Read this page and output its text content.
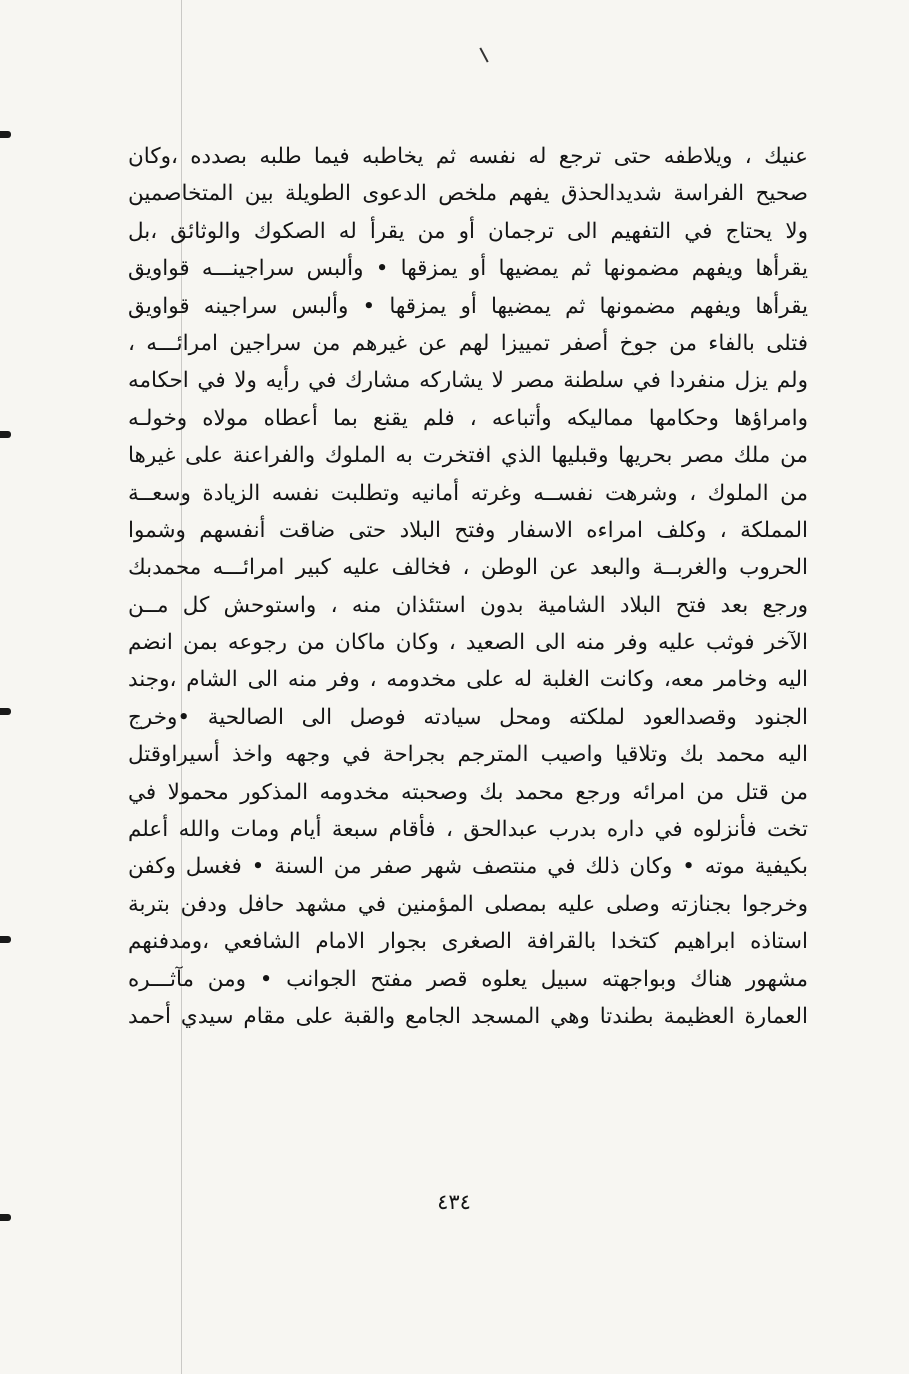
عنيك ، ويلاطفه حتى ترجع له نفسه ثم يخاطبه فيما طلبه بصدده ،وكان
صحيح الفراسة شديدالحذق يفهم ملخص الدعوى الطويلة بين المتخاصمين
ولا يحتاج في التفهيم الى ترجمان أو من يقرأ له الصكوك والوثائق ،بل
يقرأها ويفهم مضمونها ثم يمضيها أو يمزقها • وألبس سراجينـــه قواويق
يقرأها ويفهم مضمونها ثم يمضيها أو يمزقها • وألبس سراجينه قواويق
فتلى بالفاء من جوخ أصفر تمييزا لهم عن غيرهم من سراجين امرائـــه ،
ولم يزل منفردا في سلطنة مصر لا يشاركه مشارك في رأيه ولا في احكامه
وامراؤها وحكامها مماليكه وأتباعه ، فلم يقنع بما أعطاه مولاه وخولـه
من ملك مصر بحريها وقبليها الذي افتخرت به الملوك والفراعنة على غيرها
من الملوك ، وشرهت نفســه وغرته أمانيه وتطلبت نفسه الزيادة وسعــة
المملكة ، وكلف امراءه الاسفار وفتح البلاد حتى ضاقت أنفسهم وشموا
الحروب والغربــة والبعد عن الوطن ، فخالف عليه كبير امرائـــه محمدبك
ورجع بعد فتح البلاد الشامية بدون استئذان منه ، واستوحش كل مــن
الآخر فوثب عليه وفر منه الى الصعيد ، وكان ماكان من رجوعه بمن انضم
اليه وخامر معه، وكانت الغلبة له على مخدومه ، وفر منه الى الشام ،وجند
الجنود وقصدالعود لملكته ومحل سيادته فوصل الى الصالحية •وخرج
اليه محمد بك وتلاقيا واصيب المترجم بجراحة في وجهه واخذ أسيراوقتل
من قتل من امرائه ورجع محمد بك وصحبته مخدومه المذكور محمولا في
تخت فأنزلوه في داره بدرب عبدالحق ، فأقام سبعة أيام ومات والله أعلم
بكيفية موته • وكان ذلك في منتصف شهر صفر من السنة • فغسل وكفن
وخرجوا بجنازته وصلى عليه بمصلى المؤمنين في مشهد حافل ودفن بتربة
استاذه ابراهيم كتخدا بالقرافة الصغرى بجوار الامام الشافعي ،ومدفنهم
مشهور هناك وبواجهته سبيل يعلوه قصر مفتح الجوانب • ومن مآثـــره
العمارة العظيمة بطندتا وهي المسجد الجامع والقبة على مقام سيدي أحمد
٤٣٤
